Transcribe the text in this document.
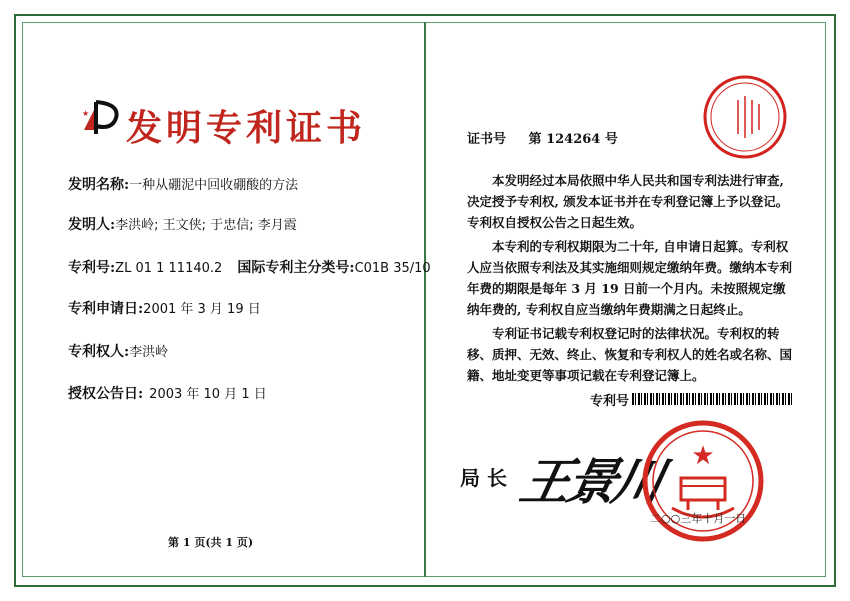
★
★ 发明专利证书
发明名称:一种从硼泥中回收硼酸的方法
发明人:李洪岭; 王文侠; 于忠信; 李月霞
专利号:ZL 01 1 11140.2 国际专利主分类号:C01B 35/10
专利申请日:2001 年 3 月 19 日
专利权人:李洪岭
授权公告日: 2003 年 10 月 1 日
第 1 页(共 1 页)
证书号 第 124264 号
本发明经过本局依照中华人民共和国专利法进行审查, 决定授予专利权, 颁发本证书并在专利登记簿上予以登记。专利权自授权公告之日起生效。
本专利的专利权期限为二十年, 自申请日起算。专利权人应当依照专利法及其实施细则规定缴纳年费。缴纳本专利年费的期限是每年 3 月 19 日前一个月内。未按照规定缴纳年费的, 专利权自应当缴纳年费期满之日起终止。
专利证书记载专利权登记时的法律状况。专利权的转移、质押、无效、终止、恢复和专利权人的姓名或名称、国籍、地址变更等事项记载在专利登记簿上。
专利号
局 长 王景川 ★
二○○三年十月一日
